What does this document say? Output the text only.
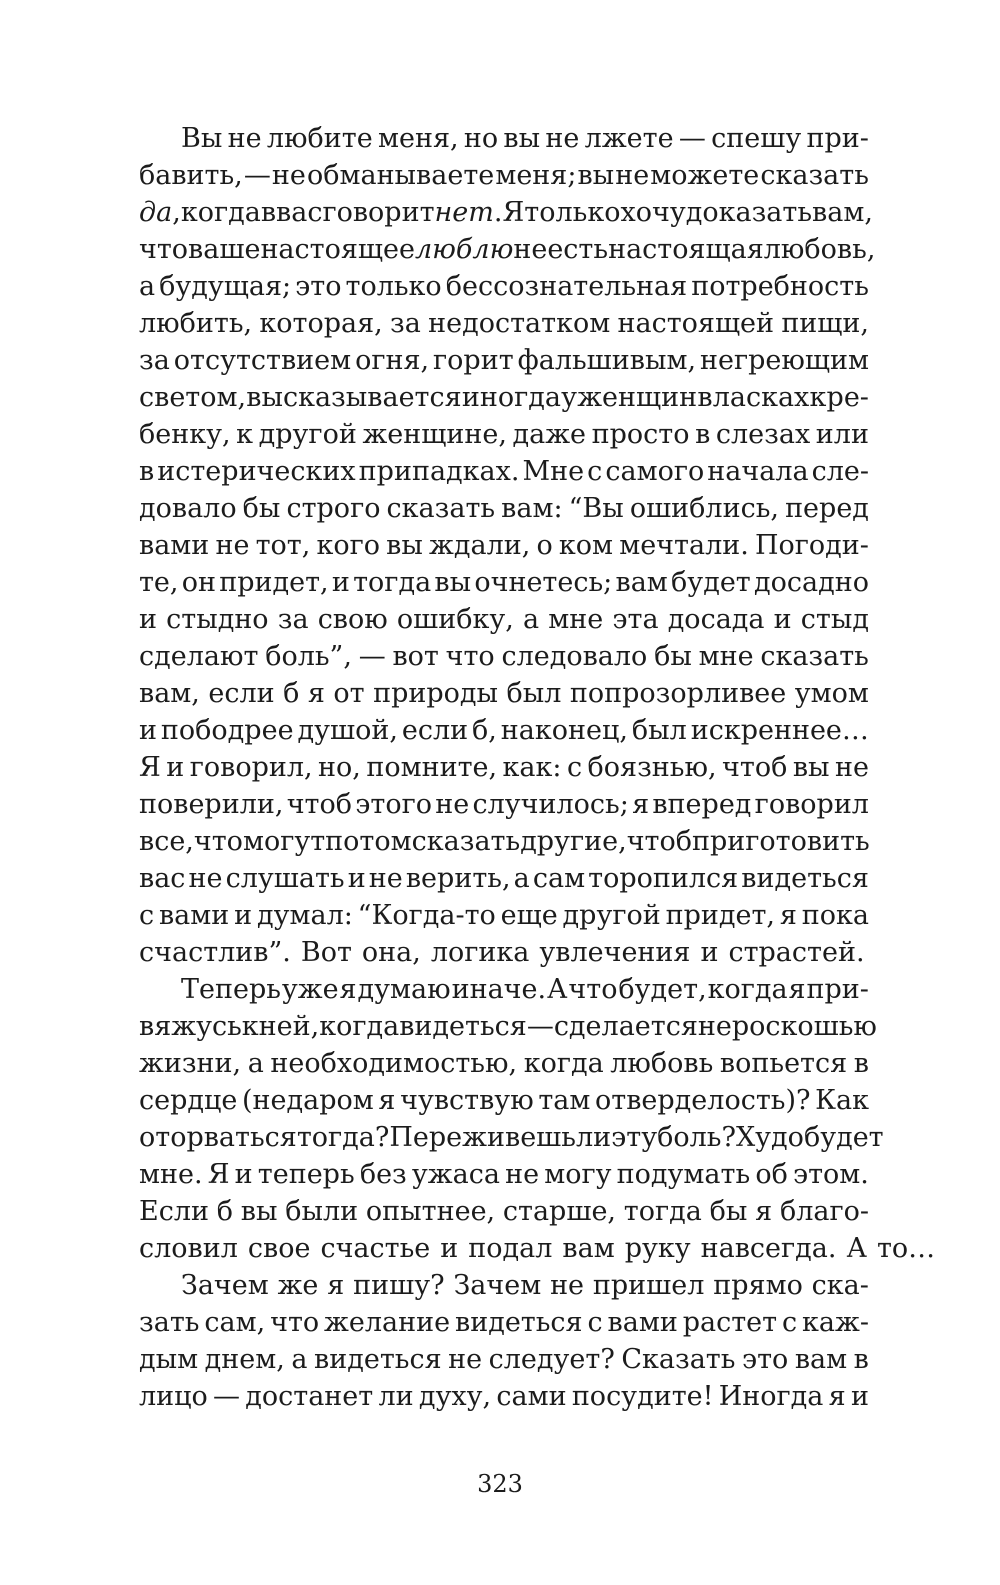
Вы не любите меня, но вы не лжете — спешу при-
бавить, — не обманываете меня; вы не можете сказать
да, когда в вас говорит нет. Я только хочу доказать вам,
что ваше настоящее люблю не есть настоящая любовь,
а будущая; это только бессознательная потребность
любить, которая, за недостатком настоящей пищи,
за отсутствием огня, горит фальшивым, негреющим
светом, высказывается иногда у женщин в ласках к ре-
бенку, к другой женщине, даже просто в слезах или
в истерических припадках. Мне с самого начала сле-
довало бы строго сказать вам: “Вы ошиблись, перед
вами не тот, кого вы ждали, о ком мечтали. Погоди-
те, он придет, и тогда вы очнетесь; вам будет досадно
и стыдно за свою ошибку, а мне эта досада и стыд
сделают боль”, — вот что следовало бы мне сказать
вам, если б я от природы был попрозорливее умом
и пободрее душой, если б, наконец, был искреннее…
Я и говорил, но, помните, как: с боязнью, чтоб вы не
поверили, чтоб этого не случилось; я вперед говорил
все, что могут потом сказать другие, чтоб приготовить
вас не слушать и не верить, а сам торопился видеться
с вами и думал: “Когда-то еще другой придет, я пока
счастлив”. Вот она, логика увлечения и страстей.
Теперь уже я думаю иначе. А что будет, когда я при-
вяжусь к ней, когда видеться — сделается не роскошью
жизни, а необходимостью, когда любовь вопьется в
сердце (недаром я чувствую там отверделость)? Как
оторваться тогда? Переживешь ли эту боль? Худо будет
мне. Я и теперь без ужаса не могу подумать об этом.
Если б вы были опытнее, старше, тогда бы я благо-
словил свое счастье и подал вам руку навсегда. А то…
Зачем же я пишу? Зачем не пришел прямо ска-
зать сам, что желание видеться с вами растет с каж-
дым днем, а видеться не следует? Сказать это вам в
лицо — достанет ли духу, сами посудите! Иногда я и
323
